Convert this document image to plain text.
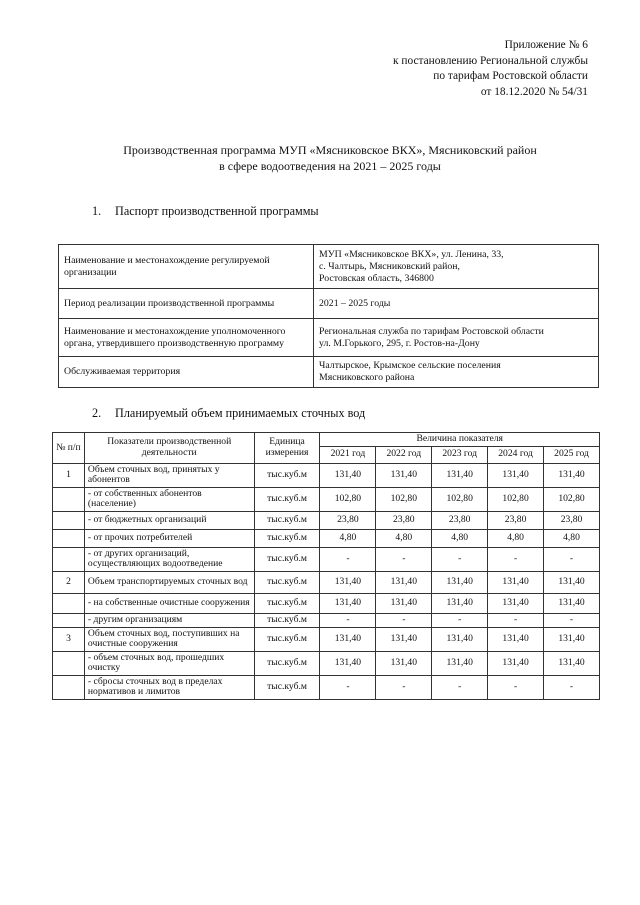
Приложение № 6
к постановлению Региональной службы
по тарифам Ростовской области
от 18.12.2020 № 54/31
Производственная программа МУП «Мясниковское ВКХ», Мясниковский район
в сфере водоотведения на 2021 – 2025 годы
1. Паспорт производственной программы
Наименование и местонахождение регулируемой организации	МУП «Мясниковское ВКХ», ул. Ленина, 33,
с. Чалтырь, Мясниковский район,
Ростовская область, 346800

Период реализации производственной программы	2021 – 2025 годы

Наименование и местонахождение уполномоченного органа, утвердившего производственную программу	Региональная служба по тарифам Ростовской области
ул. М.Горького, 295, г. Ростов-на-Дону

Обслуживаемая территория	Чалтырское, Крымское сельские поселения
Мясниковского района
2. Планируемый объем принимаемых сточных вод
№ п/п	Показатели производственной деятельности	Единица измерения	Величина показателя				
			2021 год	2022 год	2023 год	2024 год	2025 год
1	Объем сточных вод, принятых у абонентов	тыс.куб.м	131,40	131,40	131,40	131,40	131,40
	- от собственных абонентов (население)	тыс.куб.м	102,80	102,80	102,80	102,80	102,80
	- от бюджетных организаций	тыс.куб.м	23,80	23,80	23,80	23,80	23,80
	- от прочих потребителей	тыс.куб.м	4,80	4,80	4,80	4,80	4,80
	- от других организаций, осуществляющих водоотведение	тыс.куб.м	-	-	-	-	-
2	Объем транспортируемых сточных вод	тыс.куб.м	131,40	131,40	131,40	131,40	131,40
	- на собственные очистные сооружения	тыс.куб.м	131,40	131,40	131,40	131,40	131,40
	- другим организациям	тыс.куб.м	-	-	-	-	-
3	Объем сточных вод, поступивших на очистные сооружения	тыс.куб.м	131,40	131,40	131,40	131,40	131,40
	- объем сточных вод, прошедших очистку	тыс.куб.м	131,40	131,40	131,40	131,40	131,40
	- сбросы сточных вод в пределах нормативов и лимитов	тыс.куб.м	-	-	-	-	-
